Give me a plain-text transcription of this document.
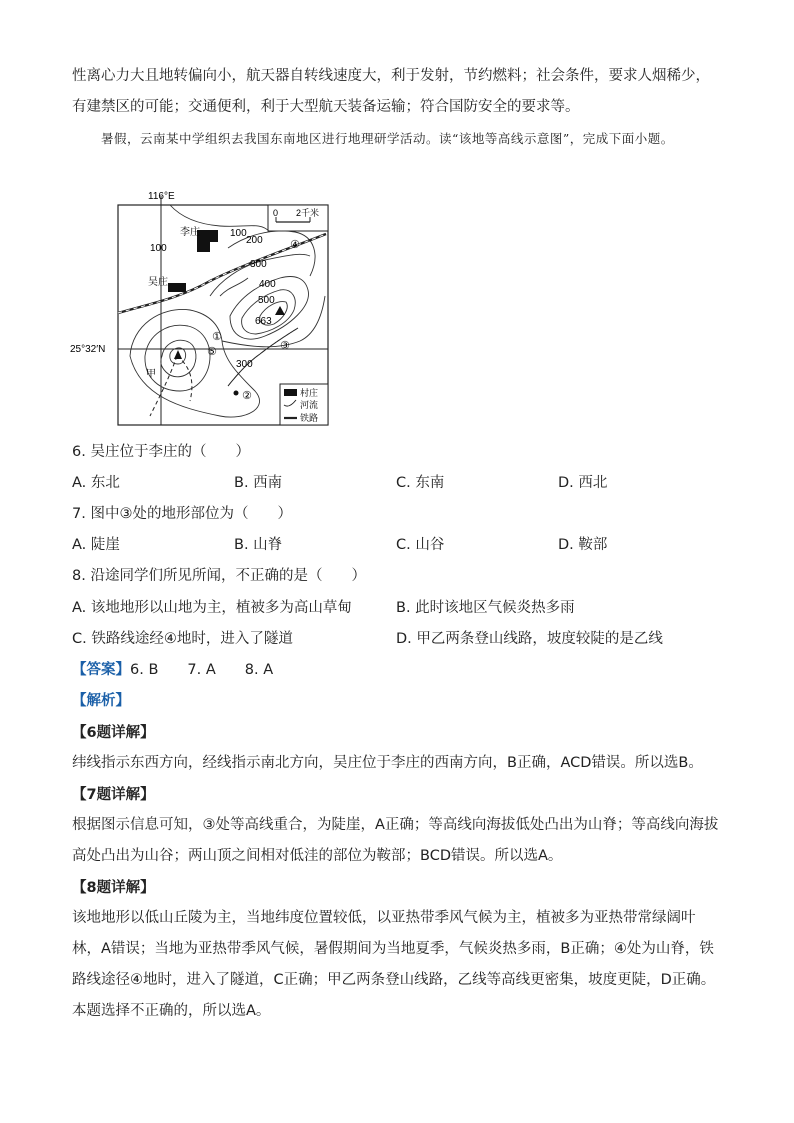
性离心力大且地转偏向小，航天器自转线速度大，利于发射，节约燃料；社会条件，要求人烟稀少，有建禁区的可能；交通便利，利于大型航天装备运输；符合国防安全的要求等。

暑假，云南某中学组织去我国东南地区进行地理研学活动。读“该地等高线示意图”，完成下面小题。

116°E
25°32′N
0 2千米
李庄
吴庄
100
200
100
300
400
500
663
300
①
②
③
④
⑤
甲
村庄
河流
铁路
6. 吴庄位于李庄的（　　）
A. 东北	B. 西南	C. 东南	D. 西北
7. 图中③处的地形部位为（　　）
A. 陡崖	B. 山脊	C. 山谷	D. 鞍部
8. 沿途同学们所见所闻，不正确的是（　　）
A. 该地地形以山地为主，植被多为高山草甸	B. 此时该地区气候炎热多雨
C. 铁路线途经④地时，进入了隧道	D. 甲乙两条登山线路，坡度较陡的是乙线
【答案】6. B　　7. A　　8. A
【解析】
【6题详解】

纬线指示东西方向，经线指示南北方向，吴庄位于李庄的西南方向，B正确，ACD错误。所以选B。

【7题详解】

根据图示信息可知，③处等高线重合，为陡崖，A正确；等高线向海拔低处凸出为山脊；等高线向海拔高处凸出为山谷；两山顶之间相对低洼的部位为鞍部；BCD错误。所以选A。

【8题详解】

该地地形以低山丘陵为主，当地纬度位置较低，以亚热带季风气候为主，植被多为亚热带常绿阔叶林，A错误；当地为亚热带季风气候，暑假期间为当地夏季，气候炎热多雨，B正确；④处为山脊，铁路线途径④地时，进入了隧道，C正确；甲乙两条登山线路，乙线等高线更密集，坡度更陡，D正确。本题选择不正确的，所以选A。
